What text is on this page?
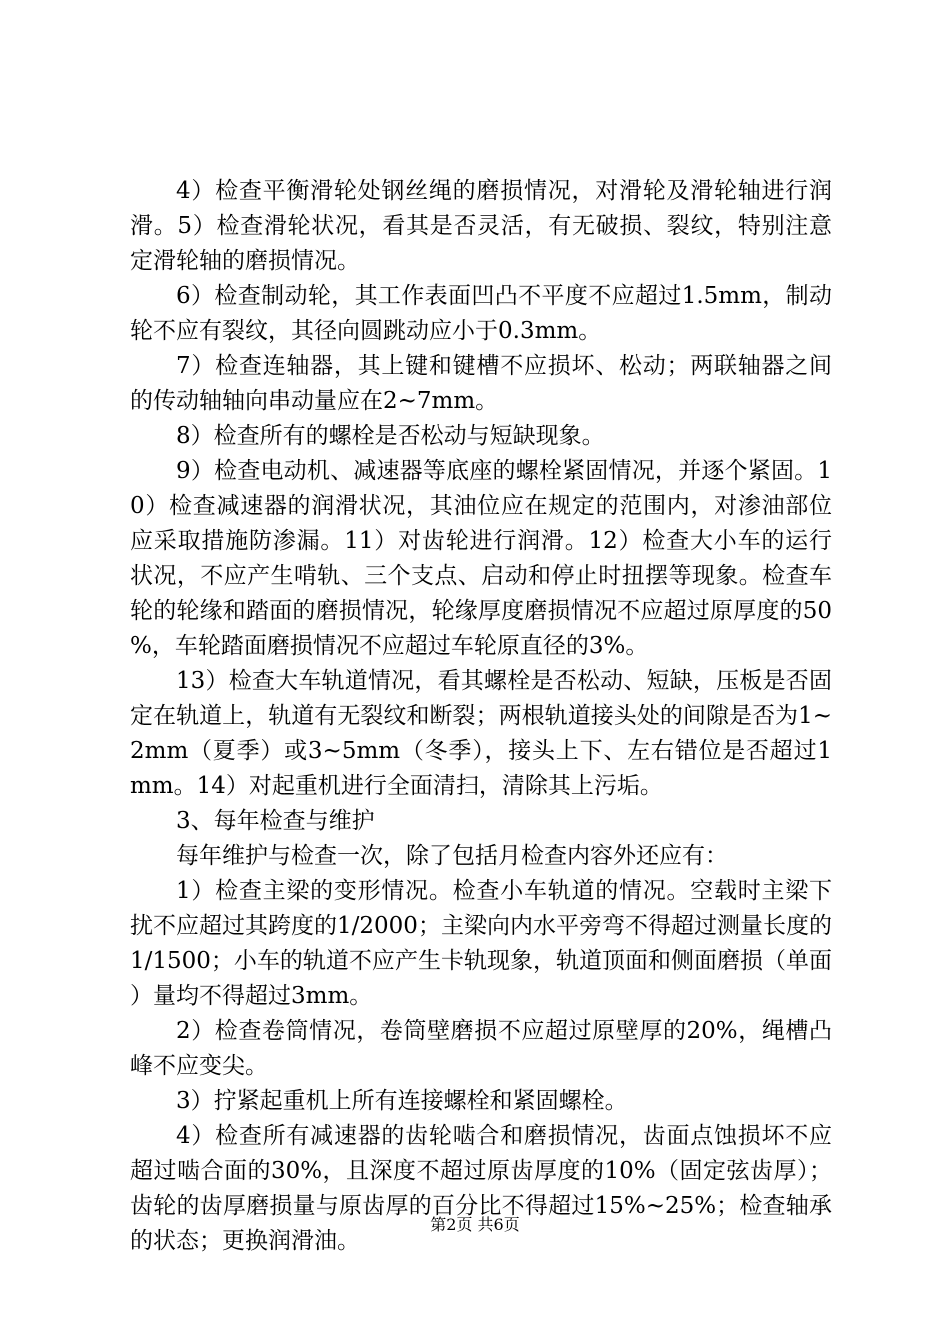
4）检查平衡滑轮处钢丝绳的磨损情况，对滑轮及滑轮轴进行润滑。5）检查滑轮状况，看其是否灵活，有无破损、裂纹，特别注意定滑轮轴的磨损情况。

6）检查制动轮，其工作表面凹凸不平度不应超过1.5mm，制动轮不应有裂纹，其径向圆跳动应小于0.3mm。

7）检查连轴器，其上键和键槽不应损坏、松动；两联轴器之间的传动轴轴向串动量应在2~7mm。

8）检查所有的螺栓是否松动与短缺现象。

9）检查电动机、减速器等底座的螺栓紧固情况，并逐个紧固。10）检查减速器的润滑状况，其油位应在规定的范围内，对渗油部位应采取措施防渗漏。11）对齿轮进行润滑。12）检查大小车的运行状况，不应产生啃轨、三个支点、启动和停止时扭摆等现象。检查车轮的轮缘和踏面的磨损情况，轮缘厚度磨损情况不应超过原厚度的50%，车轮踏面磨损情况不应超过车轮原直径的3%。

13）检查大车轨道情况，看其螺栓是否松动、短缺，压板是否固定在轨道上，轨道有无裂纹和断裂；两根轨道接头处的间隙是否为1~2mm（夏季）或3~5mm（冬季），接头上下、左右错位是否超过1mm。14）对起重机进行全面清扫，清除其上污垢。

3、每年检查与维护

每年维护与检查一次，除了包括月检查内容外还应有：

1）检查主梁的变形情况。检查小车轨道的情况。空载时主梁下扰不应超过其跨度的1/2000；主梁向内水平旁弯不得超过测量长度的1/1500；小车的轨道不应产生卡轨现象，轨道顶面和侧面磨损（单面）量均不得超过3mm。

2）检查卷筒情况，卷筒壁磨损不应超过原壁厚的20%，绳槽凸峰不应变尖。

3）拧紧起重机上所有连接螺栓和紧固螺栓。

4）检查所有减速器的齿轮啮合和磨损情况，齿面点蚀损坏不应超过啮合面的30%，且深度不超过原齿厚度的10%（固定弦齿厚）；齿轮的齿厚磨损量与原齿厚的百分比不得超过15%~25%；检查轴承的状态；更换润滑油。

第2页 共6页
